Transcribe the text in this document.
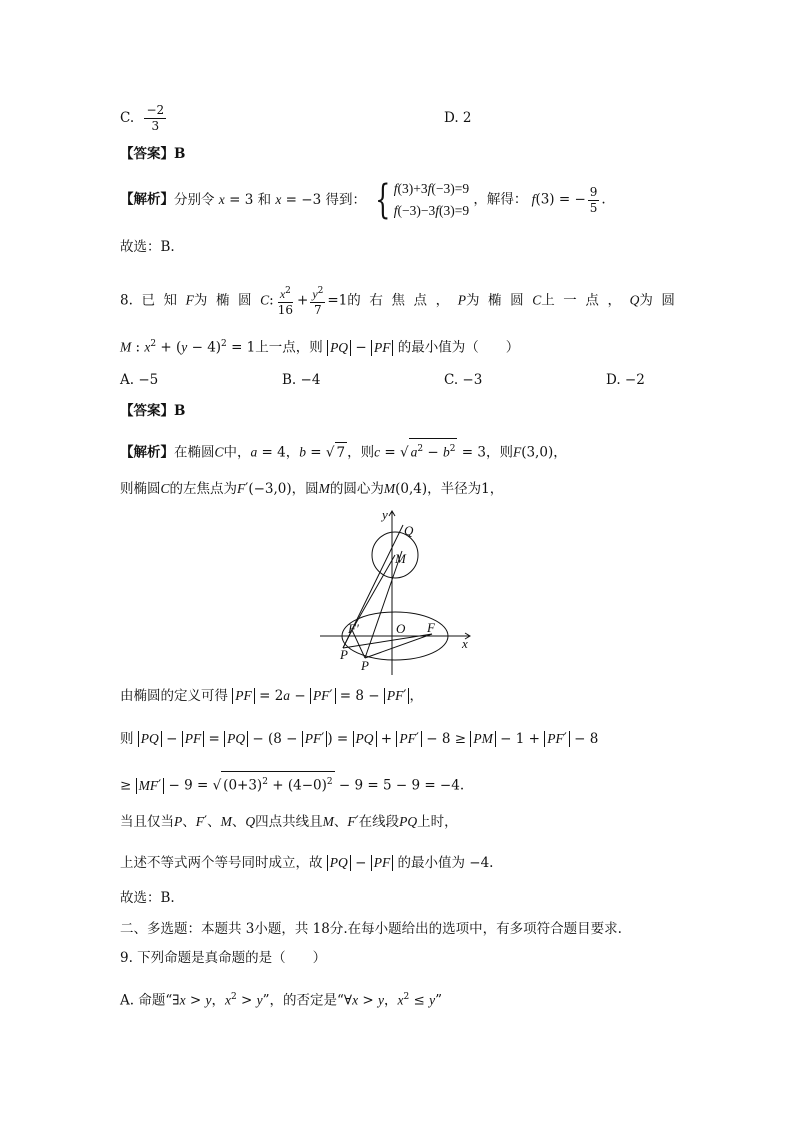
C. $\frac{-2}{3}$	D. 2
【答案】B
【解析】分别令 x = 3 和 x = −3 得到： { f(3)+3f(−3)=9
f(−3)−3f(3)=9
，解得： f(3) = − $\frac{9}{5}$ .
故选：B.
8.  已  知  F为  椭  圆  C: $\frac{x^2}{16} + \frac{y^2}{7} =1$的  右  焦  点  ，  P为  椭  圆  C上  一  点  ，  Q为  圆
M : $x^2 + (y - 4)^2 = 1$上一点，则 PQ − PF 的最小值为（　　）
A. −5	B. −4	C. −3	D. −2
【答案】B
【解析】在椭圆C中，a = 4，b = √ 7 ，则c = √ $a^2 - b^2 = 3$，则F(3,0)，
则椭圆C的左焦点为F′(−3,0)，圆M的圆心为M(0,4)，半径为1，
y
x
Q
M
O F
F′
P
P
由椭圆的定义可得 PF = 2a − PF′ = 8 − PF′ ，
则 PQ − PF = PQ − (8 − PF′ ) = PQ + PF′ − 8 ≥ PM − 1 + PF′ − 8
≥ MF′ − 9 = √ $(0+3)^2 + (4-0)^2 - 9 = 5 - 9 = -4$.
当且仅当P、F′、M、Q四点共线且M、F′在线段PQ上时，
上述不等式两个等号同时成立，故 PQ − PF 的最小值为 −4.
故选：B.
二、多选题：本题共 3小题，共 18分.在每小题给出的选项中，有多项符合题目要求.
9. 下列命题是真命题的是（　　）
A. 命题“∃x > y，$x^2 > y$”，的否定是“∀x > y，$x^2 \le y$”
